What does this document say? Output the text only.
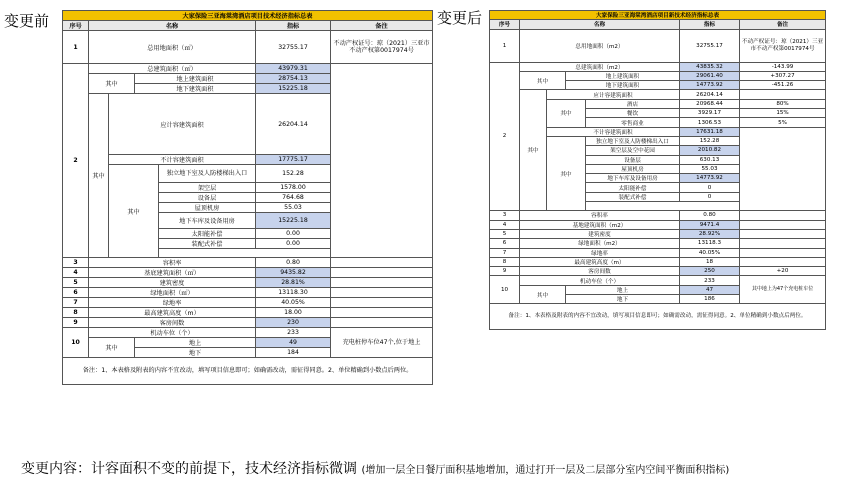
变更前	变更后
大家保险三亚海棠湾酒店项目技术经济指标总表						
序号	名称				指标	备注
1	总用地面积（㎡）				32755.17	不动产权证号：琼（2021）三亚市不动产权第0017974号
2	总建筑面积（㎡）				43979.31	
	其中		地上建筑面积		28754.13	
			地下建筑面积		15225.18	
	其中	应计容建筑面积			26204.14	
		不计容建筑面积			17775.17	
		其中		独立地下室及人防楼梯出入口	152.28	
				架空层	1578.00	
				设备层	764.68	
				屋顶机房	55.03	
				地下车库及设备用房	15225.18	
				太阳能补偿	0.00	
				装配式补偿	0.00	

3	容积率				0.80	
4	基底建筑面积（㎡）				9435.82	
5	建筑密度				28.81%	
6	绿地面积（㎡）				13118.30	
7	绿地率				40.05%	
8	最高建筑高度（m）				18.00	
9	客房间数				230	
10	机动车位（个）				233	充电桩停车位47个,位于地上
	其中		地上		49	
			地下		184	
备注：1、本表格及附表的内容不宜改动，填写项目信息即可；如确需改动，需征得同意。2、单位精确到小数点后两位。						
大家保险三亚海棠湾酒店项目新技术经济指标总表						
序号	名称				指标	备注
1	总用地面积（m2）				32755.17	不动产权证号：琼（2021）三亚市不动产权第0017974号
2	总建筑面积（m2）				43835.32	-143.99
	其中		地上建筑面积		29061.40	+307.27
			地下建筑面积		14773.92	-451.26
	其中	应计容建筑面积			26204.14	
		其中		酒店	20968.44	80%
				餐饮	3929.17	15%
				零售商业	1306.53	5%
		不计容建筑面积			17631.18	
		其中		独立地下室及人防楼梯出入口	152.28	
				架空层及空中花园	2010.82	
				设备层	630.13	
				屋顶机房	55.03	
				地下车库及设备用房	14773.92	
				太阳能补偿	0	
				装配式补偿	0	

3	容积率				0.80	
4	基地建筑面积（m2）				9471.4	
5	建筑密度				28.92%	
6	绿地面积（m2）				13118.3	
7	绿地率				40.05%	
8	最高建筑高度（m）				18	
9	客房间数				250	+20
10	机动车位（个）				233	其中地上为47个充电桩车位
	其中		地上		47	
			地下		186	
备注：1、本表格及附表的内容不宜改动，填写项目信息即可；如确需改动，需征得同意。2、单位精确到小数点后两位。						
变更内容：计容面积不变的前提下，技术经济指标微调 (增加一层全日餐厅面积基地增加，通过打开一层及二层部分室内空间平衡面积指标)
